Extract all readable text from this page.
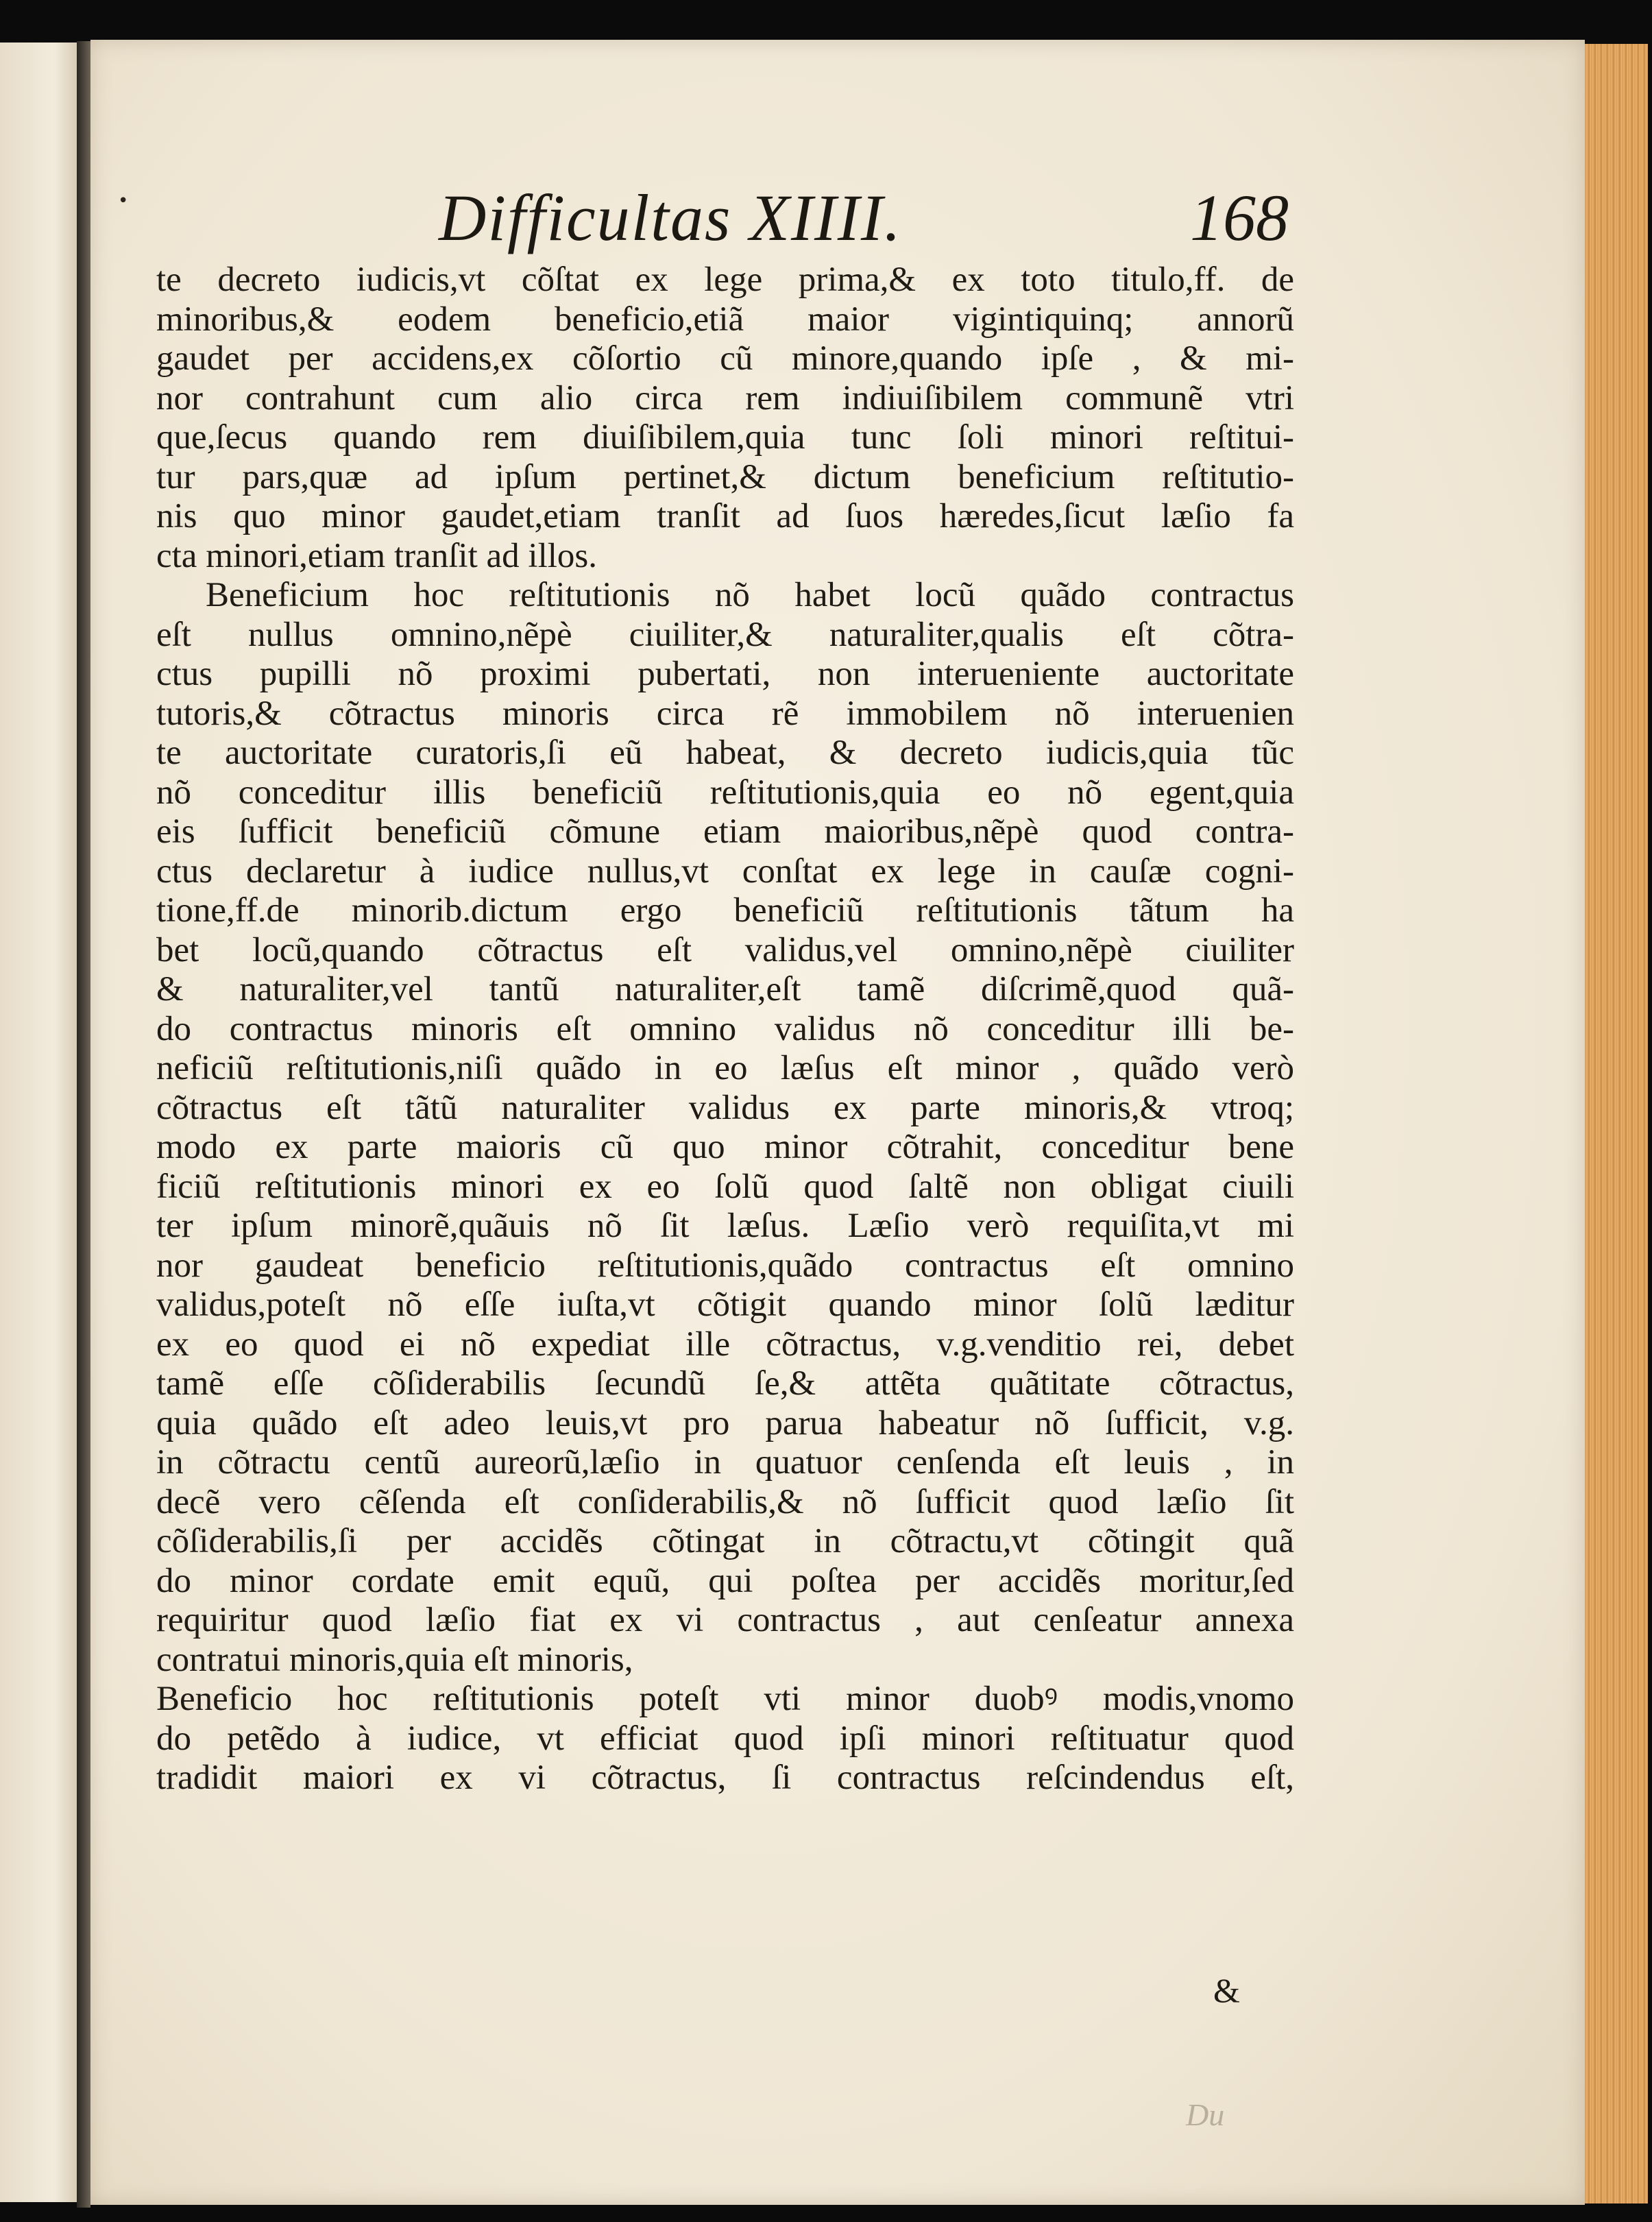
•	Difficultas XIIII.	168
te decreto iudicis,vt cõſtat ex lege prima,& ex toto titulo,ff. de
minoribus,& eodem beneficio,etiã maior vigintiquinq; annorũ
gaudet per accidens,ex cõſortio cũ minore,quando ipſe , & mi-
nor contrahunt cum alio circa rem indiuiſibilem communẽ vtri
que,ſecus quando rem diuiſibilem,quia tunc ſoli minori reſtitui-
tur pars,quæ ad ipſum pertinet,& dictum beneficium reſtitutio-
nis quo minor gaudet,etiam tranſit ad ſuos hæredes,ſicut læſio fa
cta minori,etiam tranſit ad illos.
Beneficium hoc reſtitutionis nõ habet locũ quãdo contractus
eſt nullus omnino,nẽpè ciuiliter,& naturaliter,qualis eſt cõtra-
ctus pupilli nõ proximi pubertati, non interueniente auctoritate
tutoris,& cõtractus minoris circa rẽ immobilem nõ interuenien
te auctoritate curatoris,ſi eũ habeat, & decreto iudicis,quia tũc
nõ conceditur illis beneficiũ reſtitutionis,quia eo nõ egent,quia
eis ſufficit beneficiũ cõmune etiam maioribus,nẽpè quod contra-
ctus declaretur à iudice nullus,vt conſtat ex lege in cauſæ cogni-
tione,ff.de minorib.dictum ergo beneficiũ reſtitutionis tãtum ha
bet locũ,quando cõtractus eſt validus,vel omnino,nẽpè ciuiliter
& naturaliter,vel tantũ naturaliter,eſt tamẽ diſcrimẽ,quod quã-
do contractus minoris eſt omnino validus nõ conceditur illi be-
neficiũ reſtitutionis,niſi quãdo in eo læſus eſt minor , quãdo verò
cõtractus eſt tãtũ naturaliter validus ex parte minoris,& vtroq;
modo ex parte maioris cũ quo minor cõtrahit, conceditur bene
ficiũ reſtitutionis minori ex eo ſolũ quod ſaltẽ non obligat ciuili
ter ipſum minorẽ,quãuis nõ ſit læſus. Læſio verò requiſita,vt mi
nor gaudeat beneficio reſtitutionis,quãdo contractus eſt omnino
validus,poteſt nõ eſſe iuſta,vt cõtigit quando minor ſolũ læditur
ex eo quod ei nõ expediat ille cõtractus, v.g.venditio rei, debet
tamẽ eſſe cõſiderabilis ſecundũ ſe,& attẽta quãtitate cõtractus,
quia quãdo eſt adeo leuis,vt pro parua habeatur nõ ſufficit, v.g.
in cõtractu centũ aureorũ,læſio in quatuor cenſenda eſt leuis , in
decẽ vero cẽſenda eſt conſiderabilis,& nõ ſufficit quod læſio ſit
cõſiderabilis,ſi per accidẽs cõtingat in cõtractu,vt cõtingit quã
do minor cordate emit equũ, qui poſtea per accidẽs moritur,ſed
requiritur quod læſio fiat ex vi contractus , aut cenſeatur annexa
contratui minoris,quia eſt minoris,
Beneficio hoc reſtitutionis poteſt vti minor duobꝰ modis,vnomo
do petẽdo à iudice, vt efficiat quod ipſi minori reſtituatur quod
tradidit maiori ex vi cõtractus, ſi contractus reſcindendus eſt,
&
Du
